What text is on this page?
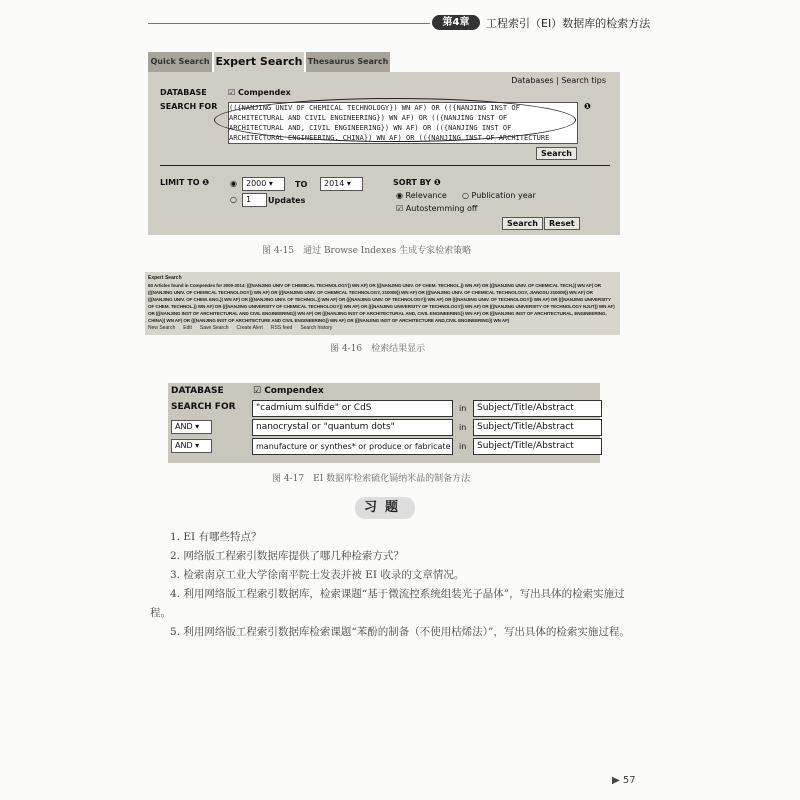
第4章	工程索引（EI）数据库的检索方法
Quick Search Expert Search Thesaurus Search
Databases | Search tips
DATABASE	☑ Compendex
SEARCH FOR (({NANJING UNIV OF CHEMICAL TECHNOLOGY}) WN AF) OR (({NANJING INST OF
ARCHITECTURAL AND CIVIL ENGINEERING}) WN AF) OR (({NANJING INST OF
ARCHITECTURAL AND, CIVIL ENGINEERING}) WN AF) OR (({NANJING INST OF
ARCHITECTURAL ENGINEERING, CHINA}) WN AF) OR (({NANJING INST OF ARCHITECTURE
❶
Search
LIMIT TO ❶	◉	2000 ▾	TO	2014 ▾
○	1	Updates
SORT BY ❶
◉ Relevance ○ Publication year
☑ Autostemming off
Search	Reset
图 4-15　通过 Browse Indexes 生成专家检索策略
Expert Search
60 Articles found in Compendex for 2000-2014: (({NANJING UNIV OF CHEMICAL TECHNOLOGY}) WN AF) OR (({NANJING UNIV. OF CHEM. TECHNOL.}) WN AF) OR (({NANJING UNIV. OF CHEMICAL TECH.}) WN AF) OR (({NANJING UNIV. OF CHEMICAL TECHNOLOGY}) WN AF) OR (({NANJING UNIV. OF CHEMICAL TECHNOLOGY, 210009}) WN AF) OR (({NANJING UNIV. OF CHEMICAL TECHNOLOGY, JIANGSU 210009}) WN AF) OR (({NANJING UNIV. OF CHEM. ENG.}) WN AF) OR (({NANJING UNIV. OF TECHNOL.}) WN AF) OR (({NANJING UNIV. OF TECHNOLOGY}) WN AF) OR (({NANJING UNIV. OF TECHNOLOGY}) WN AF) OR (({NANJING UNIVERSITY OF CHEM. TECHNOL.}) WN AF) OR (({NANJING UNIVERSITY OF CHEMICAL TECHNOLOGY}) WN AF) OR (({NANJING UNIVERSITY OF TECHNOLOGY}) WN AF) OR (({NANJING UNIVERSITY OF TECHNOLOGY NJUT}) WN AF) OR (({NANJING INST OF ARCHITECTURAL AND CIVIL ENGINEERING}) WN AF) OR (({NANJING INST OF ARCHITECTURAL AND, CIVIL ENGINEERING}) WN AF) OR (({NANJING INST OF ARCHITECTURAL, ENGINEERING, CHINA}) WN AF) OR (({NANJING INST OF ARCHITECTURE AND CIVIL ENGINEERING}) WN AF) OR (({NANJING INST OF ARCHITECTURE AND,CIVIL ENGINEERING}) WN AF)
New Search Edit Save Search Create Alert RSS feed Search history
图 4-16　检索结果显示
DATABASE	☑ Compendex
SEARCH FOR	"cadmium sulfide" or CdS	in	Subject/Title/Abstract
AND ▾	nanocrystal or "quantum dots"	in	Subject/Title/Abstract
AND ▾	manufacture or synthes* or produce or fabricate	in	Subject/Title/Abstract
图 4-17　EI 数据库检索硫化镉纳米晶的制备方法
习题
1. EI 有哪些特点？
2. 网络版工程索引数据库提供了哪几种检索方式？
3. 检索南京工业大学徐南平院士发表并被 EI 收录的文章情况。
4. 利用网络版工程索引数据库，检索课题“基于微流控系统组装光子晶体”，写出具体的检索实施过程。
5. 利用网络版工程索引数据库检索课题“苯酚的制备（不使用枯烯法）”，写出具体的检索实施过程。
▶ 57
